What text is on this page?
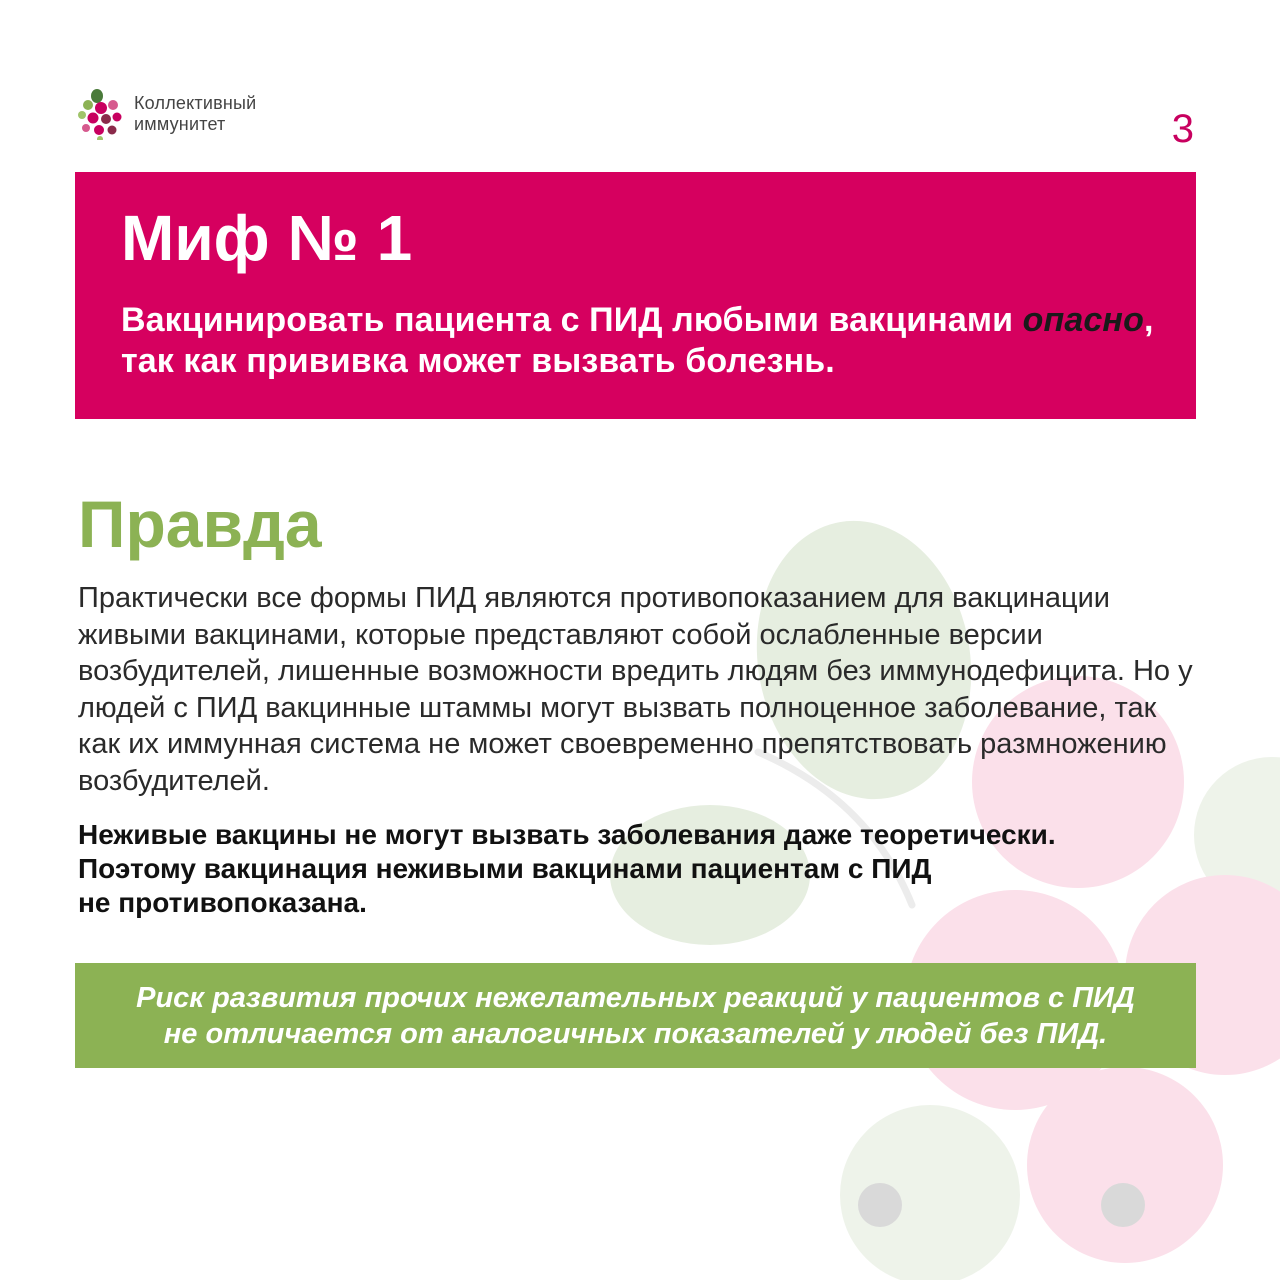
Коллективный
иммунитет	3
Миф № 1

Вакцинировать пациента с ПИД любыми вакцинами опасно, так как прививка может вызвать болезнь.

Правда

Практически все формы ПИД являются противопоказанием для вакцинации живыми вакцинами, которые представляют собой ослабленные версии возбудителей, лишенные возможности вредить людям без иммунодефицита. Но у людей с ПИД вакцинные штаммы могут вызвать полноценное заболевание, так как их иммунная система не может своевременно препятствовать размножению возбудителей.

Неживые вакцины не могут вызвать заболевания даже теоретически.
Поэтому вакцинация неживыми вакцинами пациентам с ПИД
не противопоказана.

Риск развития прочих нежелательных реакций у пациентов с ПИД
не отличается от аналогичных показателей у людей без ПИД.
